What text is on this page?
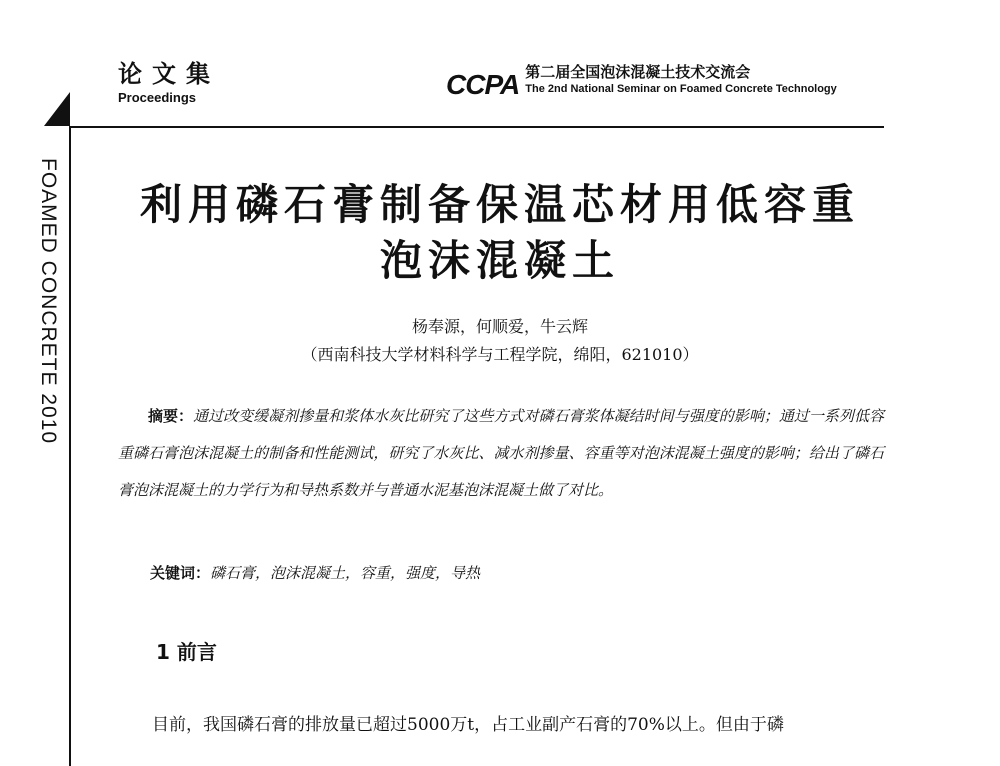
论文集
Proceedings	CCPA 第二届全国泡沫混凝土技术交流会
The 2nd National Seminar on Foamed Concrete Technology
FOAMED CONCRETE 2010	利用磷石膏制备保温芯材用低容重
泡沫混凝土
杨奉源，何顺爱，牛云辉
（西南科技大学材料科学与工程学院，绵阳，621010）

摘要：通过改变缓凝剂掺量和浆体水灰比研究了这些方式对磷石膏浆体凝结时间与强度的影响；通过一系列低容重磷石膏泡沫混凝土的制备和性能测试，研究了水灰比、减水剂掺量、容重等对泡沫混凝土强度的影响；给出了磷石膏泡沫混凝土的力学行为和导热系数并与普通水泥基泡沫混凝土做了对比。

关键词：磷石膏，泡沫混凝土，容重，强度，导热
1 前言
目前，我国磷石膏的排放量已超过5000万t，占工业副产石膏的70%以上。但由于磷
